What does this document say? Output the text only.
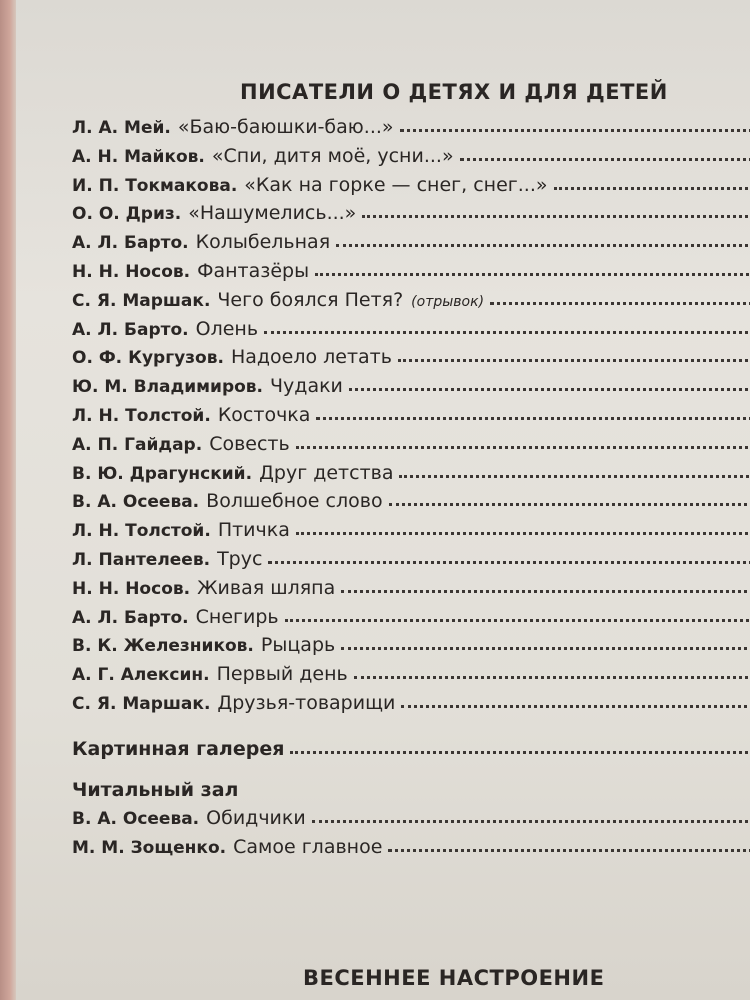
ПИСАТЕЛИ О ДЕТЯХ И ДЛЯ ДЕТЕЙ
Л. А. Мей. «Баю-баюшки-баю...»
А. Н. Майков. «Спи, дитя моё, усни...»
И. П. Токмакова. «Как на горке — снег, снег...»
О. О. Дриз. «Нашумелись...»
А. Л. Барто. Колыбельная
Н. Н. Носов. Фантазёры
С. Я. Маршак. Чего боялся Петя? (отрывок)
А. Л. Барто. Олень
О. Ф. Кургузов. Надоело летать
Ю. М. Владимиров. Чудаки
Л. Н. Толстой. Косточка
А. П. Гайдар. Совесть
В. Ю. Драгунский. Друг детства
В. А. Осеева. Волшебное слово
Л. Н. Толстой. Птичка
Л. Пантелеев. Трус
Н. Н. Носов. Живая шляпа
А. Л. Барто. Снегирь
В. К. Железников. Рыцарь
А. Г. Алексин. Первый день
С. Я. Маршак. Друзья-товарищи
Картинная галерея
Читальный зал
В. А. Осеева. Обидчики
М. М. Зощенко. Самое главное
ВЕСЕННЕЕ НАСТРОЕНИЕ
